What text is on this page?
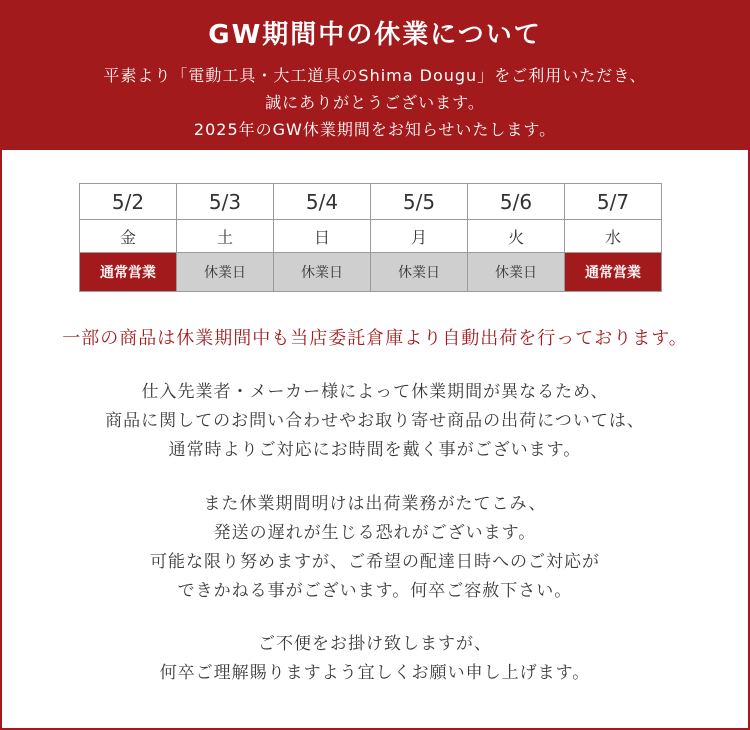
GW期間中の休業について
平素より「電動工具・大工道具のShima Dougu」をご利用いただき、
誠にありがとうございます。
2025年のGW休業期間をお知らせいたします。
5/2	5/3	5/4	5/5	5/6	5/7
金	土	日	月	火	水
通常営業	休業日	休業日	休業日	休業日	通常営業
一部の商品は休業期間中も当店委託倉庫より自動出荷を行っております。
仕入先業者・メーカー様によって休業期間が異なるため、
商品に関してのお問い合わせやお取り寄せ商品の出荷については、
通常時よりご対応にお時間を戴く事がございます。
また休業期間明けは出荷業務がたてこみ、
発送の遅れが生じる恐れがございます。
可能な限り努めますが、ご希望の配達日時へのご対応が
できかねる事がございます。何卒ご容赦下さい。
ご不便をお掛け致しますが、
何卒ご理解賜りますよう宜しくお願い申し上げます。
